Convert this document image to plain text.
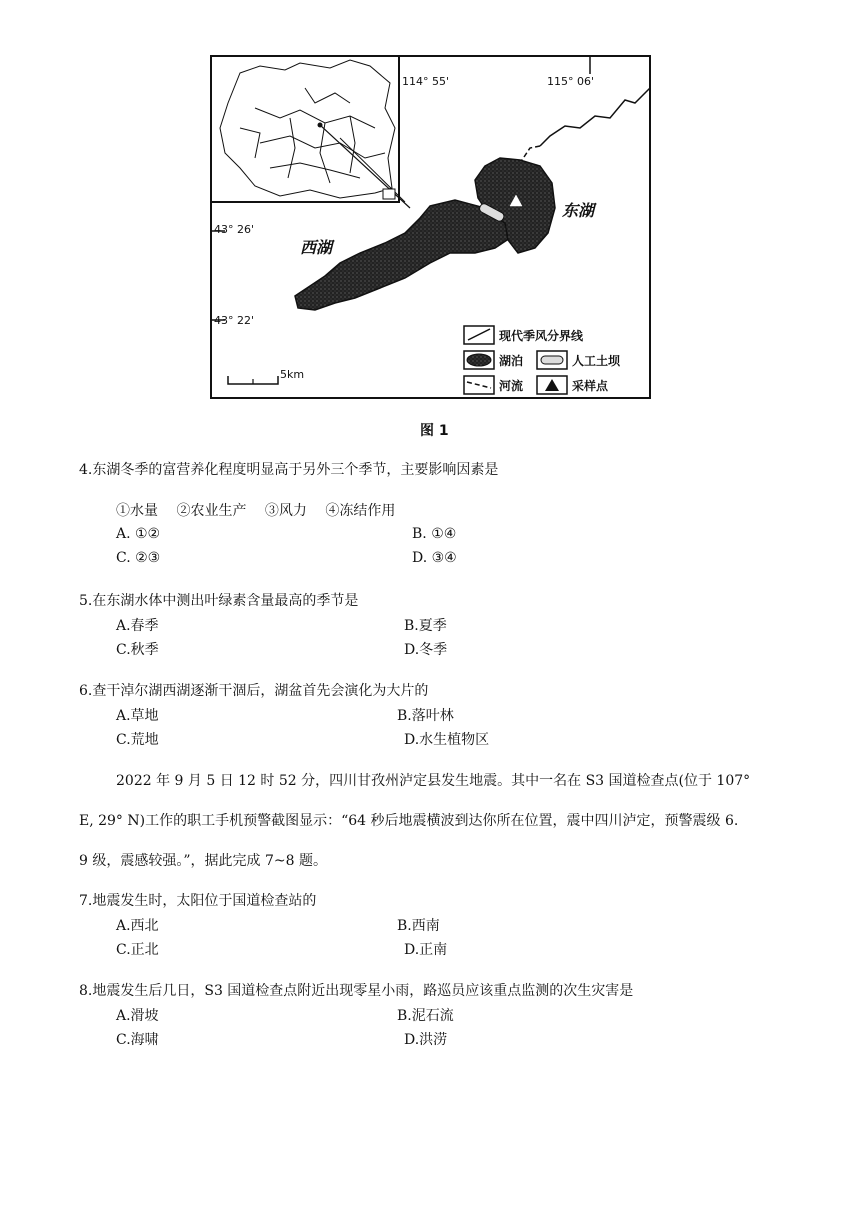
114° 55'	115° 06'
43° 26'
43° 22'
东湖
西湖
5km
现代季风分界线
湖泊	人工土坝
河流	采样点
图 1
4.东湖冬季的富营养化程度明显高于另外三个季节，主要影响因素是
①水量　 ②农业生产　 ③风力　 ④冻结作用
A. ①②	B. ①④
C. ②③	D. ③④
5.在东湖水体中测出叶绿素含量最高的季节是
A.春季	B.夏季
C.秋季	D.冬季
6.查干淖尔湖西湖逐渐干涸后，湖盆首先会演化为大片的
A.草地	B.落叶林
C.荒地	D.水生植物区
2022 年 9 月 5 日 12 时 52 分，四川甘孜州泸定县发生地震。其中一名在 S3 国道检查点(位于 107°
E, 29° N)工作的职工手机预警截图显示：“64 秒后地震横波到达你所在位置，震中四川泸定，预警震级 6.
9 级，震感较强。”，据此完成 7~8 题。
7.地震发生时，太阳位于国道检查站的
A.西北	B.西南
C.正北	D.正南
8.地震发生后几日，S3 国道检查点附近出现零星小雨，路巡员应该重点监测的次生灾害是
A.滑坡	B.泥石流
C.海啸	D.洪涝
